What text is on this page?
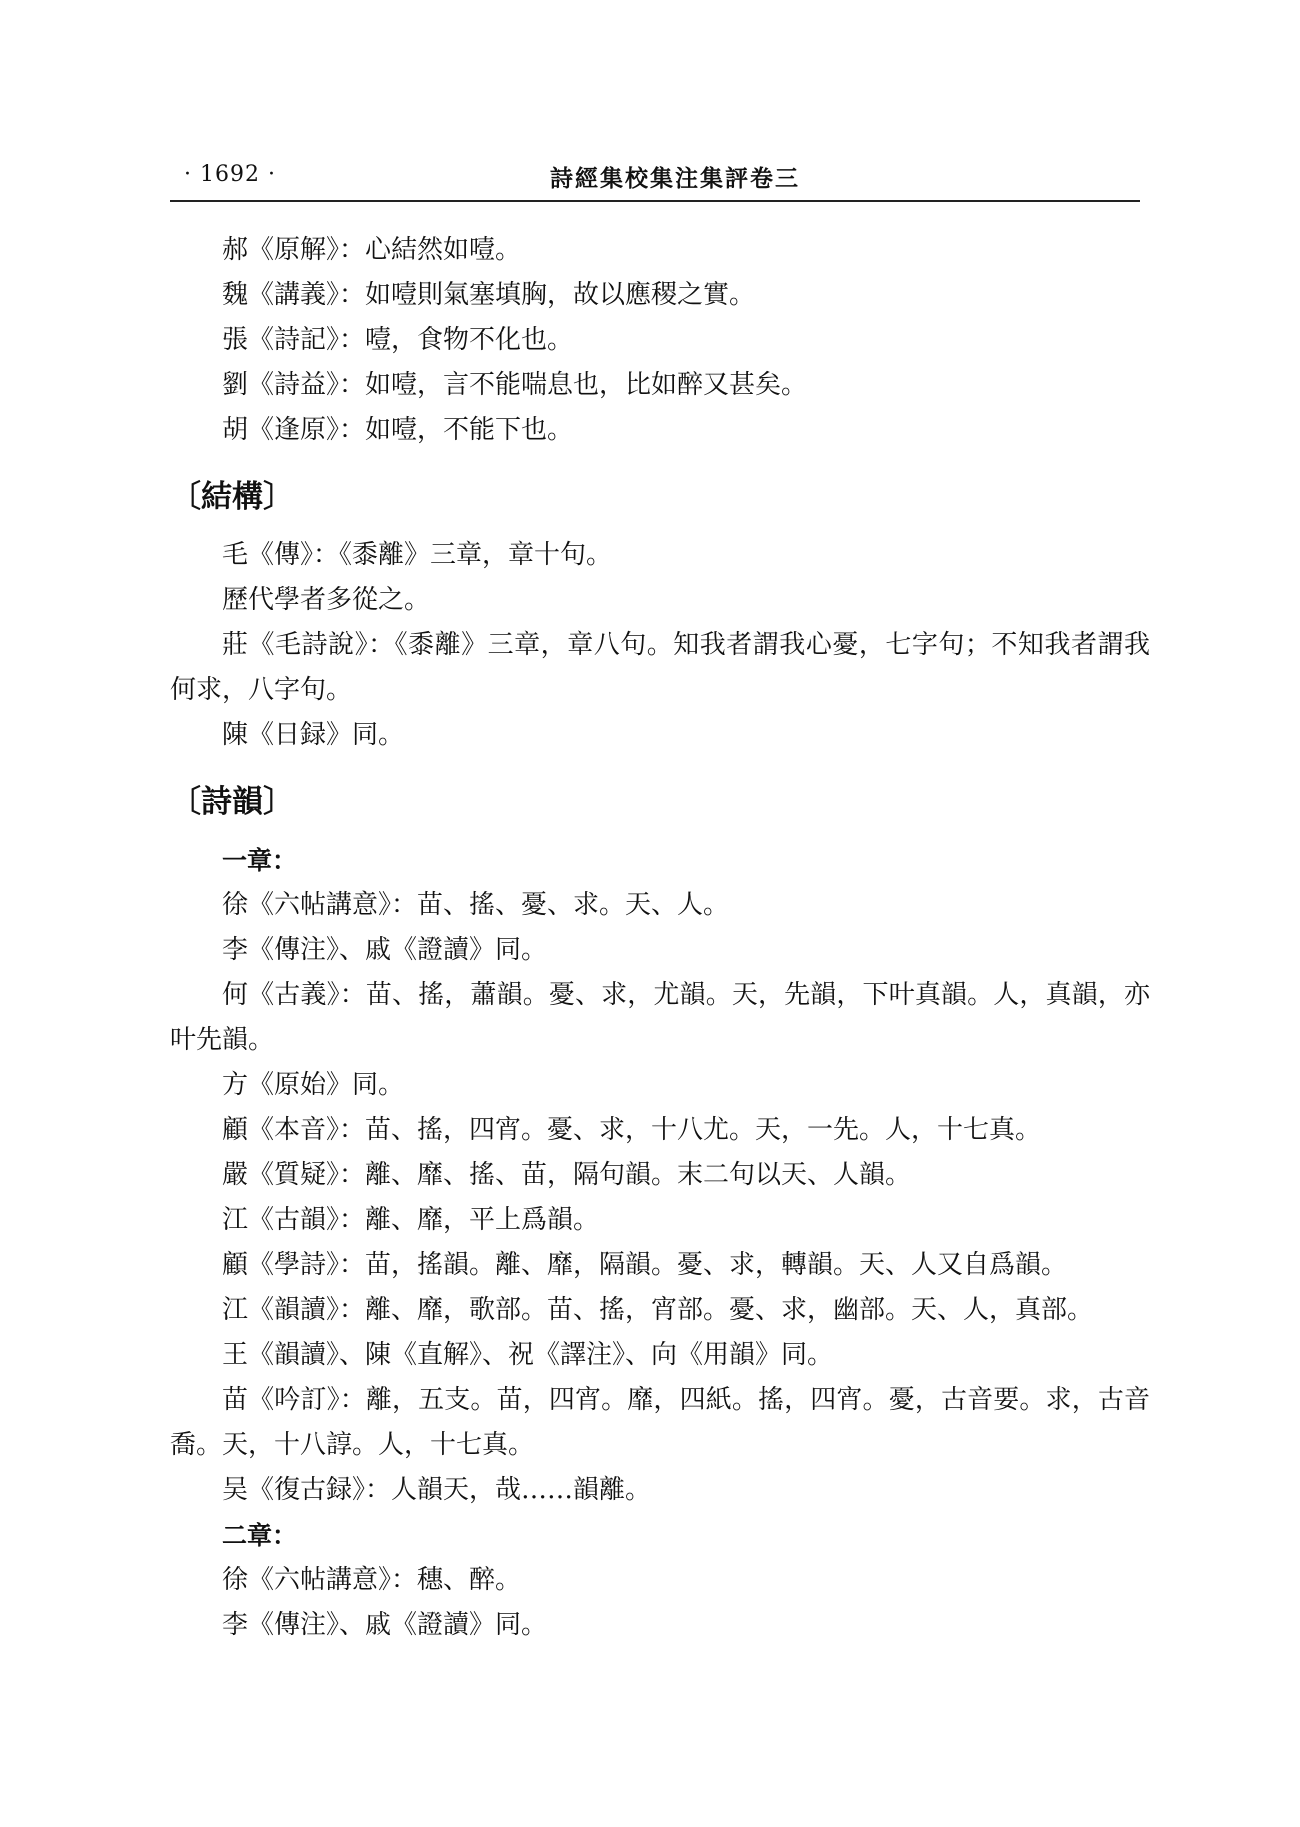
· 1692 ·	詩經集校集注集評卷三
郝《原解》：心結然如噎。
魏《講義》：如噎則氣塞填胸，故以應稷之實。
張《詩記》：噎，食物不化也。
劉《詩益》：如噎，言不能喘息也，比如醉又甚矣。
胡《逢原》：如噎，不能下也。
〔結構〕
毛《傳》：《黍離》三章，章十句。
歷代學者多從之。
莊《毛詩說》：《黍離》三章，章八句。知我者謂我心憂，七字句；不知我者謂我何求，八字句。
陳《日録》同。
〔詩韻〕
一章：
徐《六帖講意》：苗、搖、憂、求。天、人。
李《傳注》、戚《證讀》同。
何《古義》：苗、搖，蕭韻。憂、求，尤韻。天，先韻，下叶真韻。人，真韻，亦叶先韻。
方《原始》同。
顧《本音》：苗、搖，四宵。憂、求，十八尤。天，一先。人，十七真。
嚴《質疑》：離、靡、搖、苗，隔句韻。末二句以天、人韻。
江《古韻》：離、靡，平上爲韻。
顧《學詩》：苗，搖韻。離、靡，隔韻。憂、求，轉韻。天、人又自爲韻。
江《韻讀》：離、靡，歌部。苗、搖，宵部。憂、求，幽部。天、人，真部。
王《韻讀》、陳《直解》、祝《譯注》、向《用韻》同。
苗《吟訂》：離，五支。苗，四宵。靡，四紙。搖，四宵。憂，古音要。求，古音喬。天，十八諄。人，十七真。
吴《復古録》：人韻天，哉……韻離。
二章：
徐《六帖講意》：穗、醉。
李《傳注》、戚《證讀》同。
